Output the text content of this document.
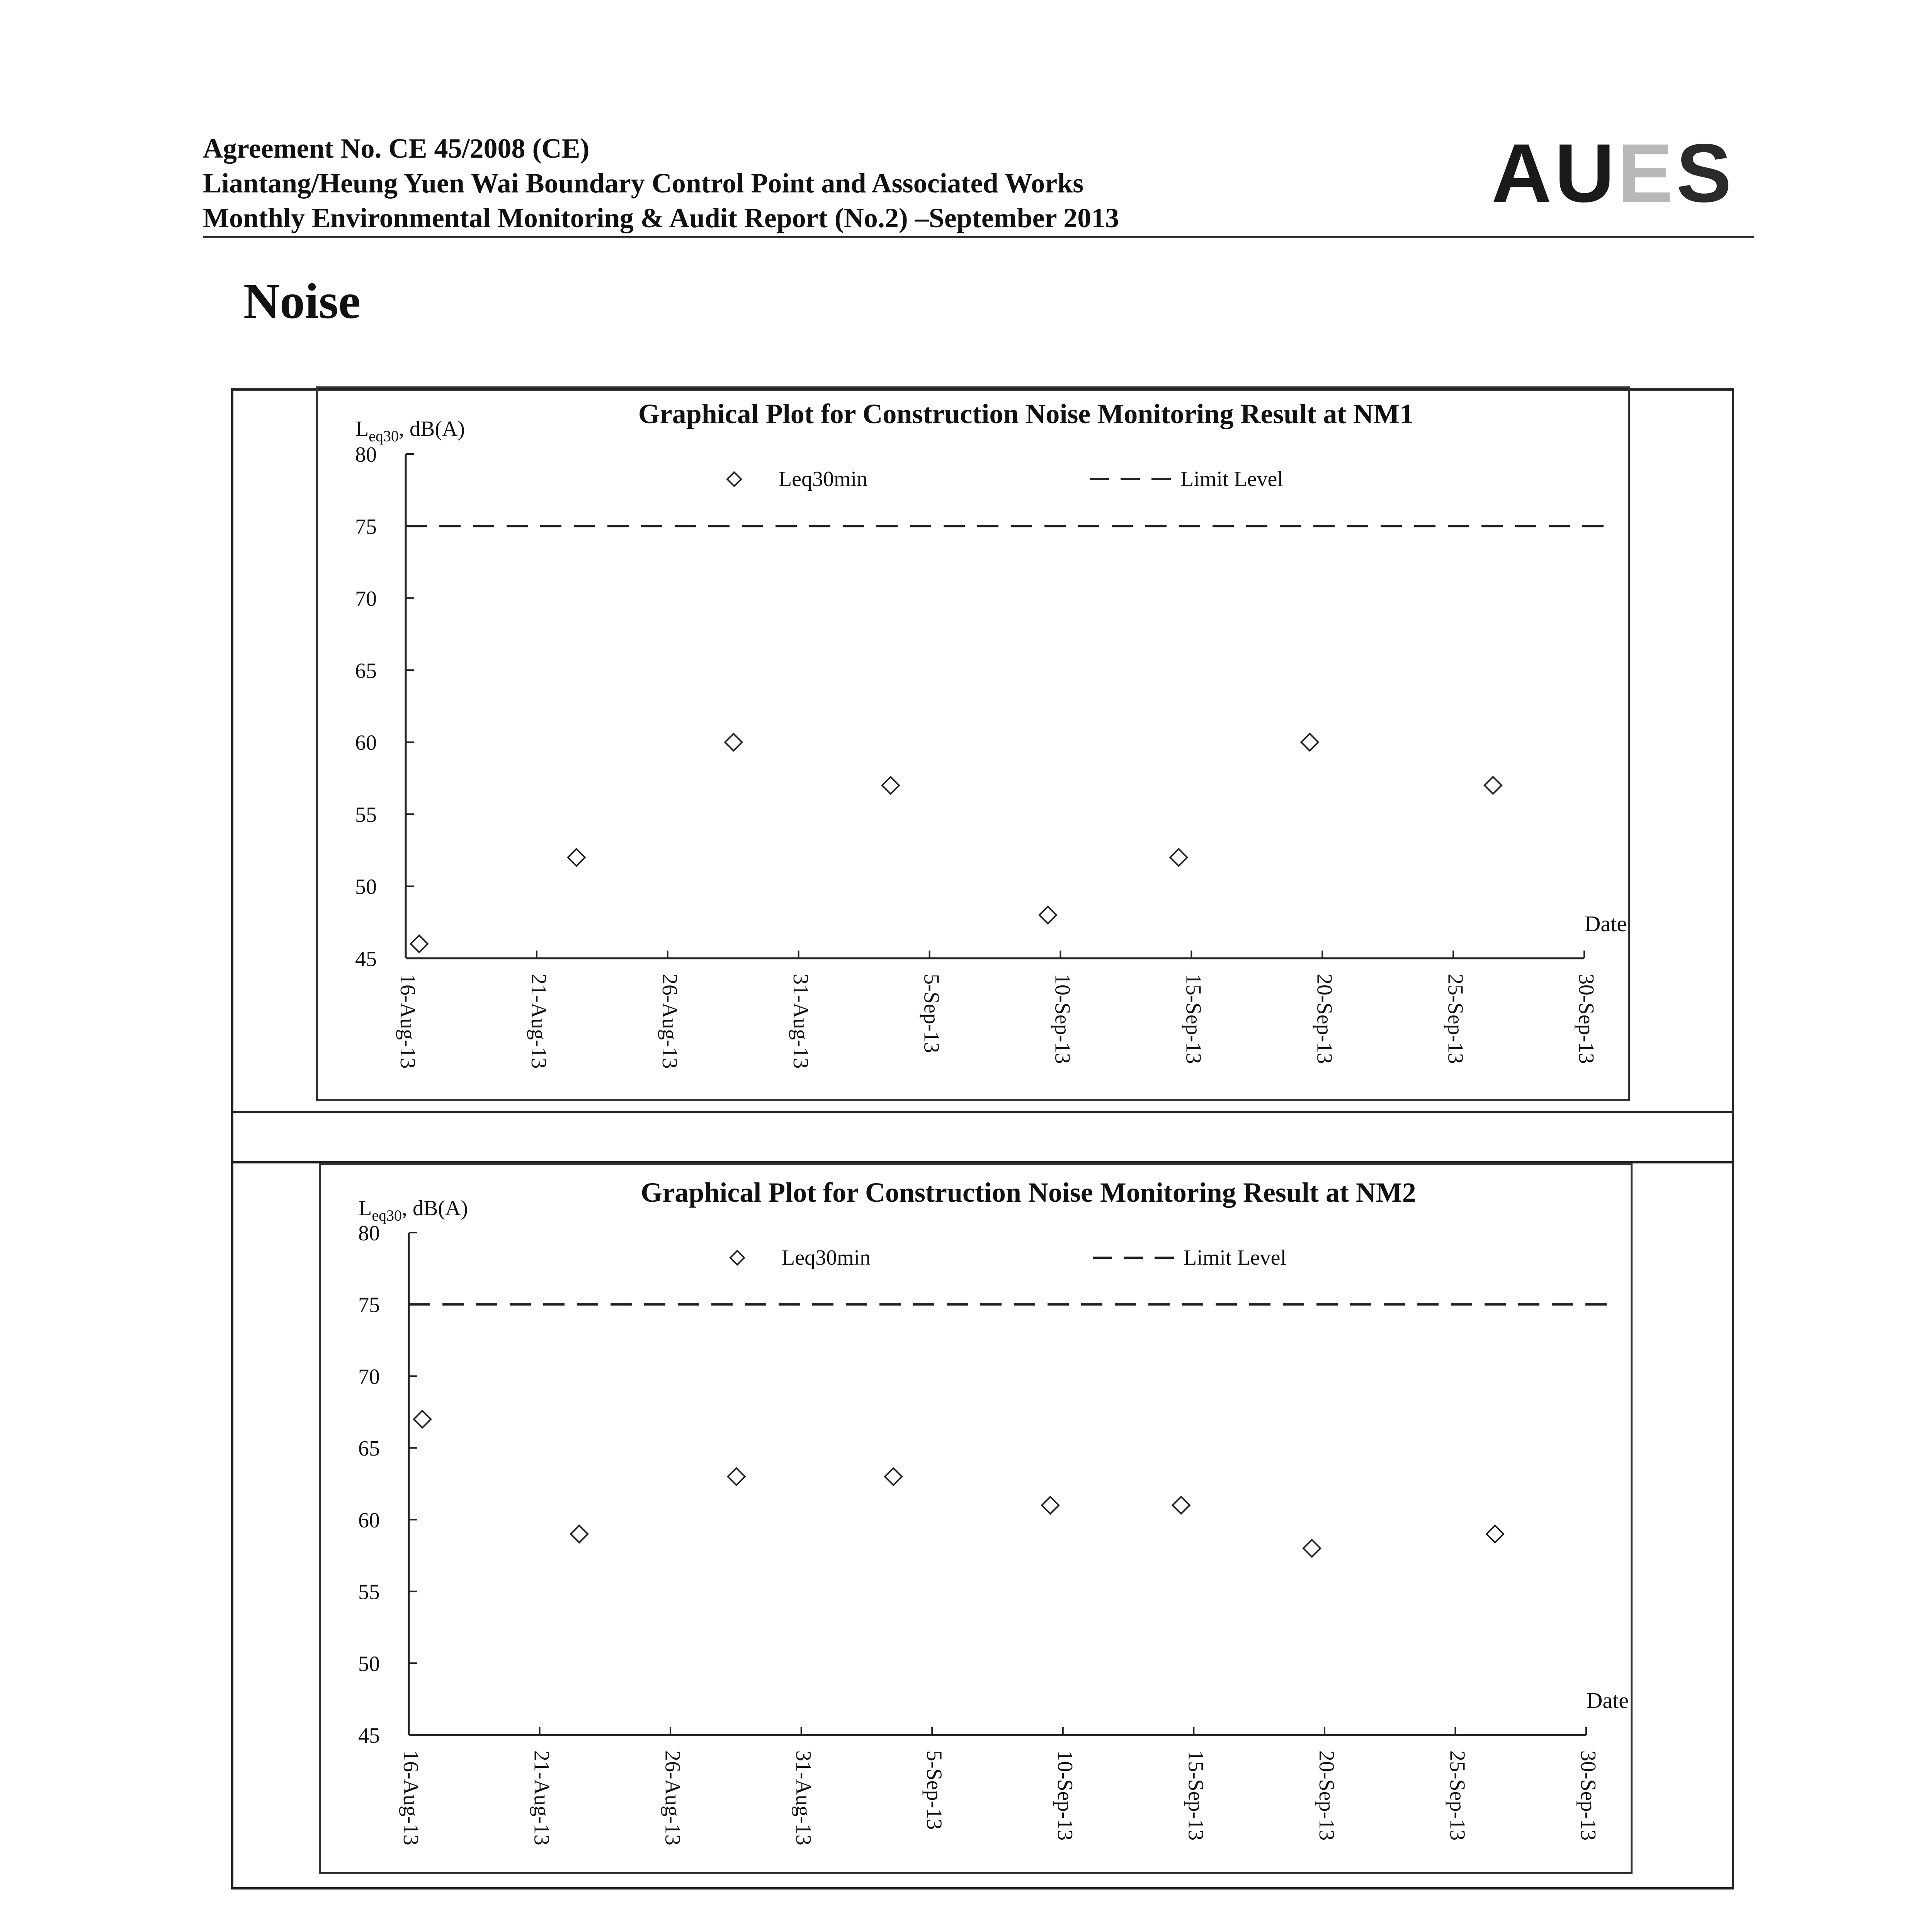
Agreement No. CE 45/2008 (CE)
Liantang/Heung Yuen Wai Boundary Control Point and Associated Works
Monthly Environmental Monitoring & Audit Report (No.2) –September 2013	AUES
Noise
Graphical Plot for Construction Noise Monitoring Result at NM1
$L_{eq30}$, dB(A)
45
50
55
60
65
70
75
80
16-Aug-13	21-Aug-13	26-Aug-13	31-Aug-13	5-Sep-13	10-Sep-13	15-Sep-13	20-Sep-13	25-Sep-13	30-Sep-13
Date
Leq30min	Limit Level
Graphical Plot for Construction Noise Monitoring Result at NM2
$L_{eq30}$, dB(A)
45
50
55
60
65
70
75
80
16-Aug-13	21-Aug-13	26-Aug-13	31-Aug-13	5-Sep-13	10-Sep-13	15-Sep-13	20-Sep-13	25-Sep-13	30-Sep-13
Date
Leq30min	Limit Level
